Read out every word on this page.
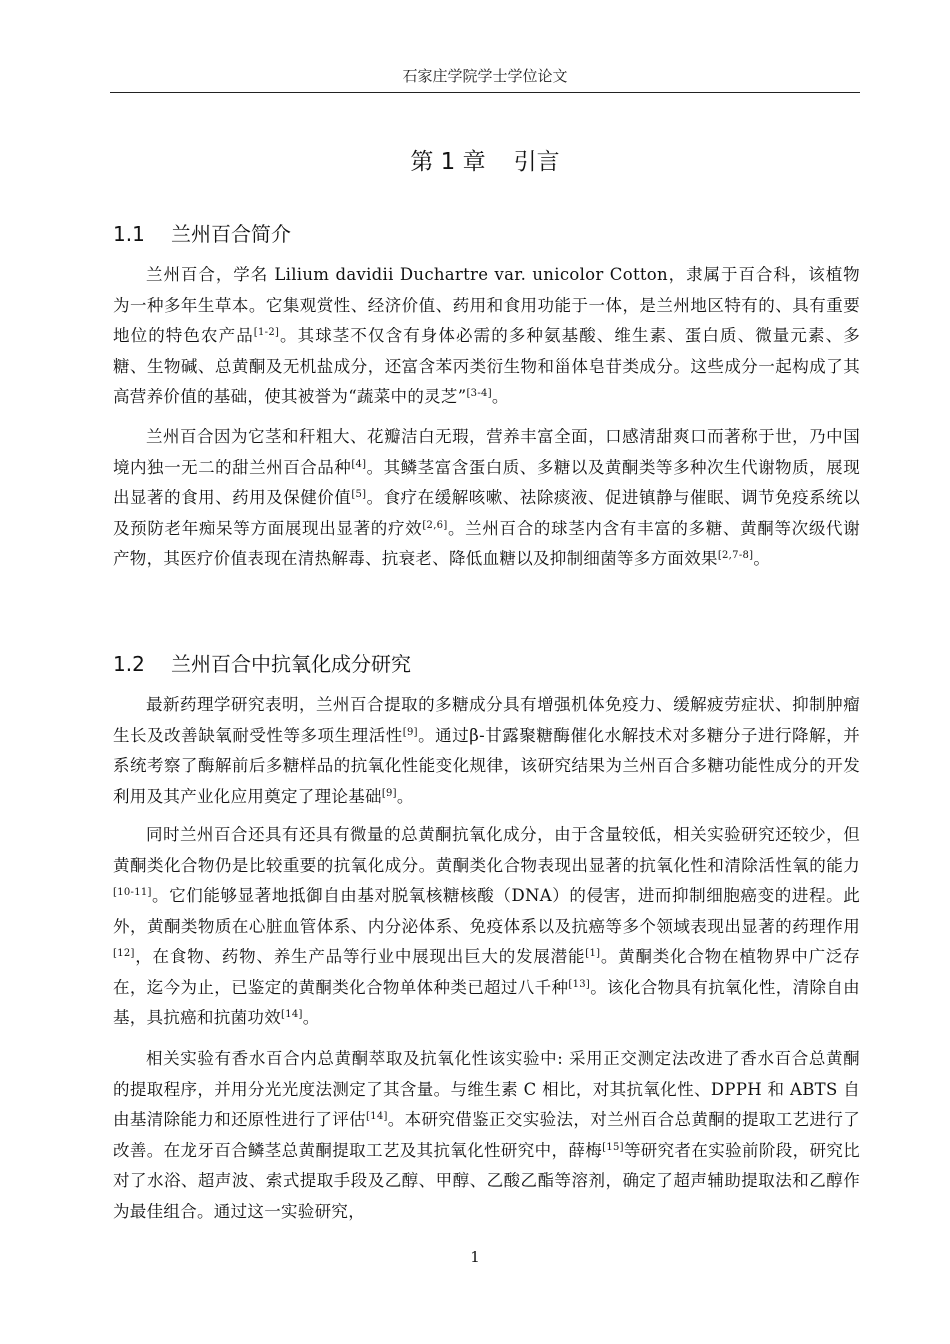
石家庄学院学士学位论文
第 1 章 引言
1.1 兰州百合简介

兰州百合，学名 Lilium davidii Duchartre var. unicolor Cotton，隶属于百合科，该植物为一种多年生草本。它集观赏性、经济价值、药用和食用功能于一体，是兰州地区特有的、具有重要地位的特色农产品[1-2]。其球茎不仅含有身体必需的多种氨基酸、维生素、蛋白质、微量元素、多糖、生物碱、总黄酮及无机盐成分，还富含苯丙类衍生物和甾体皂苷类成分。这些成分一起构成了其高营养价值的基础，使其被誉为“蔬菜中的灵芝”[3-4]。

兰州百合因为它茎和秆粗大、花瓣洁白无瑕，营养丰富全面，口感清甜爽口而著称于世，乃中国境内独一无二的甜兰州百合品种[4]。其鳞茎富含蛋白质、多糖以及黄酮类等多种次生代谢物质，展现出显著的食用、药用及保健价值[5]。食疗在缓解咳嗽、祛除痰液、促进镇静与催眠、调节免疫系统以及预防老年痴呆等方面展现出显著的疗效[2,6]。兰州百合的球茎内含有丰富的多糖、黄酮等次级代谢产物，其医疗价值表现在清热解毒、抗衰老、降低血糖以及抑制细菌等多方面效果[2,7-8]。

1.2 兰州百合中抗氧化成分研究

最新药理学研究表明，兰州百合提取的多糖成分具有增强机体免疫力、缓解疲劳症状、抑制肿瘤生长及改善缺氧耐受性等多项生理活性[9]。通过β-甘露聚糖酶催化水解技术对多糖分子进行降解，并系统考察了酶解前后多糖样品的抗氧化性能变化规律，该研究结果为兰州百合多糖功能性成分的开发利用及其产业化应用奠定了理论基础[9]。

同时兰州百合还具有还具有微量的总黄酮抗氧化成分，由于含量较低，相关实验研究还较少，但黄酮类化合物仍是比较重要的抗氧化成分。黄酮类化合物表现出显著的抗氧化性和清除活性氧的能力[10-11]。它们能够显著地抵御自由基对脱氧核糖核酸（DNA）的侵害，进而抑制细胞癌变的进程。此外，黄酮类物质在心脏血管体系、内分泌体系、免疫体系以及抗癌等多个领域表现出显著的药理作用[12]，在食物、药物、养生产品等行业中展现出巨大的发展潜能[1]。黄酮类化合物在植物界中广泛存在，迄今为止，已鉴定的黄酮类化合物单体种类已超过八千种[13]。该化合物具有抗氧化性，清除自由基，具抗癌和抗菌功效[14]。

相关实验有香水百合内总黄酮萃取及抗氧化性该实验中: 采用正交测定法改进了香水百合总黄酮的提取程序，并用分光光度法测定了其含量。与维生素 C 相比，对其抗氧化性、DPPH 和 ABTS 自由基清除能力和还原性进行了评估[14]。本研究借鉴正交实验法，对兰州百合总黄酮的提取工艺进行了改善。在龙牙百合鳞茎总黄酮提取工艺及其抗氧化性研究中，薛梅[15]等研究者在实验前阶段，研究比对了水浴、超声波、索式提取手段及乙醇、甲醇、乙酸乙酯等溶剂，确定了超声辅助提取法和乙醇作为最佳组合。通过这一实验研究，

1
